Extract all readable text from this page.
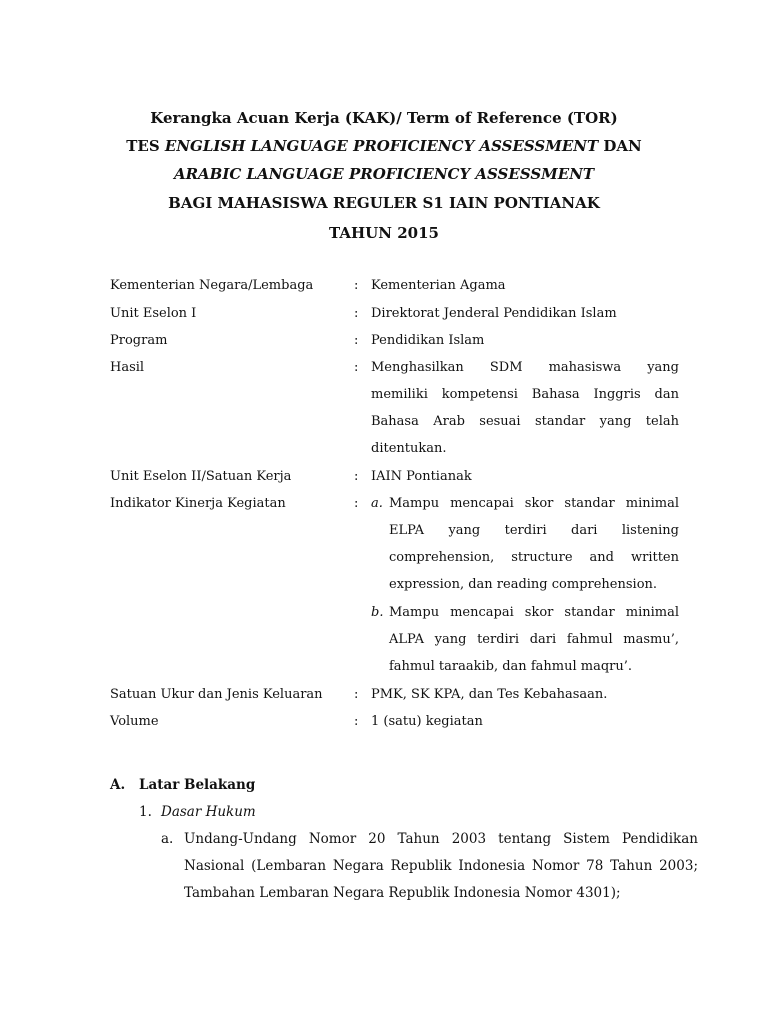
Kerangka Acuan Kerja (KAK)/ Term of Reference (TOR)
TES ENGLISH LANGUAGE PROFICIENCY ASSESSMENT DAN
ARABIC LANGUAGE PROFICIENCY ASSESSMENT
BAGI MAHASISWA REGULER S1 IAIN PONTIANAK
TAHUN 2015
Kementerian Negara/Lembaga	: Kementerian Agama
Unit Eselon I	: Direktorat Jenderal Pendidikan Islam
Program	: Pendidikan Islam
Hasil	: Menghasilkan SDM mahasiswa yang
memiliki kompetensi Bahasa Inggris dan
Bahasa Arab sesuai standar yang telah
ditentukan.
Unit Eselon II/Satuan Kerja	: IAIN Pontianak
Indikator Kinerja Kegiatan	: a. Mampu mencapai skor standar minimal
ELPA yang terdiri dari listening
comprehension, structure and written
expression, dan reading comprehension.
b. Mampu mencapai skor standar minimal
ALPA yang terdiri dari fahmul masmu’,
fahmul taraakib, dan fahmul maqru’.
Satuan Ukur dan Jenis Keluaran : PMK, SK KPA, dan Tes Kebahasaan.
Volume	: 1 (satu) kegiatan
A. Latar Belakang
1. Dasar Hukum
a. Undang-Undang Nomor 20 Tahun 2003 tentang Sistem Pendidikan
Nasional (Lembaran Negara Republik Indonesia Nomor 78 Tahun 2003;
Tambahan Lembaran Negara Republik Indonesia Nomor 4301);
